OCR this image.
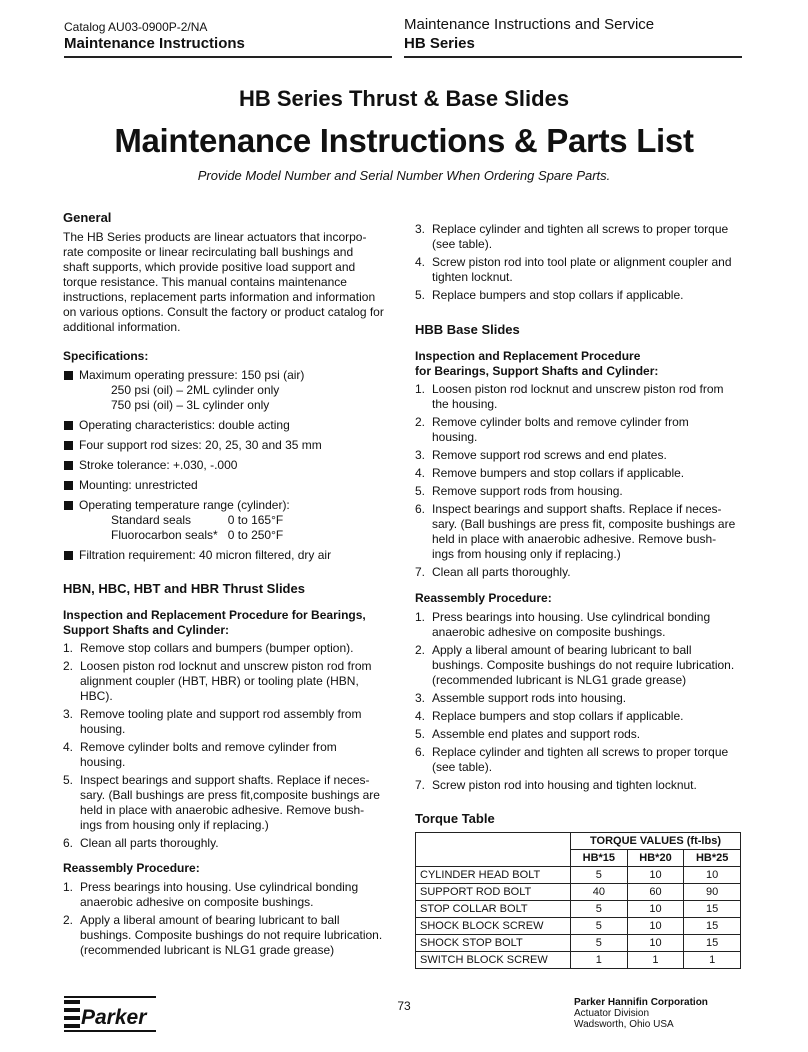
Catalog AU03-0900P-2/NA
Maintenance Instructions
Maintenance Instructions and Service
HB Series
HB Series Thrust & Base Slides
Maintenance Instructions & Parts List
Provide Model Number and Serial Number When Ordering Spare Parts.
General
The HB Series products are linear actuators that incorpo-
rate composite or linear recirculating ball bushings and
shaft supports, which provide positive load support and
torque resistance. This manual contains maintenance
instructions, replacement parts information and information
on various options. Consult the factory or product catalog for
additional information.
Specifications:
Maximum operating pressure: 150 psi (air)
250 psi (oil) – 2ML cylinder only
750 psi (oil) – 3L cylinder only
Operating characteristics: double acting
Four support rod sizes: 20, 25, 30 and 35 mm
Stroke tolerance: +.030, -.000
Mounting: unrestricted
Operating temperature range (cylinder):
Standard seals           0 to 165°F
Fluorocarbon seals*   0 to 250°F
Filtration requirement: 40 micron filtered, dry air
HBN, HBC, HBT and HBR Thrust Slides
Inspection and Replacement Procedure for Bearings,
Support Shafts and Cylinder:
1. Remove stop collars and bumpers (bumper option).
2. Loosen piston rod locknut and unscrew piston rod from
alignment coupler (HBT, HBR) or tooling plate (HBN,
HBC).
3. Remove tooling plate and support rod assembly from
housing.
4. Remove cylinder bolts and remove cylinder from
housing.
5. Inspect bearings and support shafts. Replace if neces-
sary. (Ball bushings are press fit,composite bushings are
held in place with anaerobic adhesive. Remove bush-
ings from housing only if replacing.)
6. Clean all parts thoroughly.
Reassembly Procedure:
1. Press bearings into housing. Use cylindrical bonding
anaerobic adhesive on composite bushings.
2. Apply a liberal amount of bearing lubricant to ball
bushings. Composite bushings do not require lubrication.
(recommended lubricant is NLG1 grade grease)
3. Replace cylinder and tighten all screws to proper torque
(see table).
4. Screw piston rod into tool plate or alignment coupler and
tighten locknut.
5. Replace bumpers and stop collars if applicable.
HBB Base Slides
Inspection and Replacement Procedure
for Bearings, Support Shafts and Cylinder:
1. Loosen piston rod locknut and unscrew piston rod from
the housing.
2. Remove cylinder bolts and remove cylinder from
housing.
3. Remove support rod screws and end plates.
4. Remove bumpers and stop collars if applicable.
5. Remove support rods from housing.
6. Inspect bearings and support shafts. Replace if neces-
sary. (Ball bushings are press fit, composite bushings are
held in place with anaerobic adhesive. Remove bush-
ings from housing only if replacing.)
7. Clean all parts thoroughly.
Reassembly Procedure:
1. Press bearings into housing. Use cylindrical bonding
anaerobic adhesive on composite bushings.
2. Apply a liberal amount of bearing lubricant to ball
bushings. Composite bushings do not require lubrication.
(recommended lubricant is NLG1 grade grease)
3. Assemble support rods into housing.
4. Replace bumpers and stop collars if applicable.
5. Assemble end plates and support rods.
6. Replace cylinder and tighten all screws to proper torque
(see table).
7. Screw piston rod into housing and tighten locknut.
Torque Table
	TORQUE VALUES (ft-lbs)		
	HB*15	HB*20	HB*25
CYLINDER HEAD BOLT	5	10	10
SUPPORT ROD BOLT	40	60	90
STOP COLLAR BOLT	5	10	15
SHOCK BLOCK SCREW	5	10	15
SHOCK STOP BOLT	5	10	15
SWITCH BLOCK SCREW	1	1	1
Parker	73	Parker Hannifin Corporation
Actuator Division
Wadsworth, Ohio USA
